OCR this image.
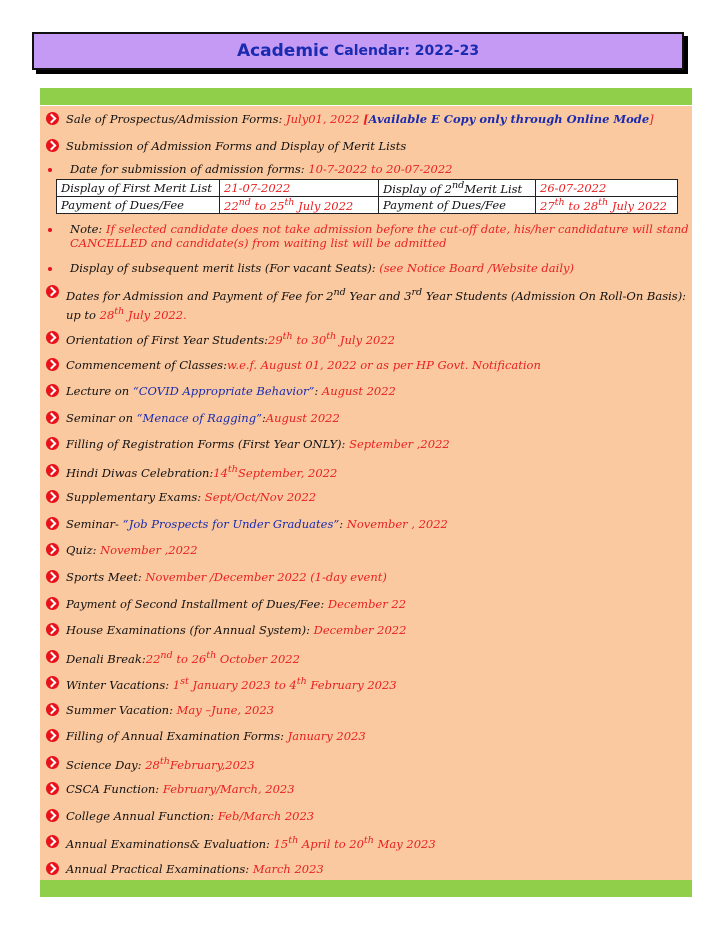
Academic Calendar: 2022-23
Sale of Prospectus/Admission Forms: July01, 2022 [Available E Copy only through Online Mode]
Submission of Admission Forms and Display of Merit Lists
Date for submission of admission forms: 10-7-2022 to 20-07-2022
Display of First Merit List	21-07-2022	Display of 2ndMerit List	26-07-2022
Payment of Dues/Fee	22nd to 25th July 2022	Payment of Dues/Fee	27th to 28th July 2022
Note: If selected candidate does not take admission before the cut-off date, his/her candidature will stand CANCELLED and candidate(s) from waiting list will be admitted
Display of subsequent merit lists (For vacant Seats): (see Notice Board /Website daily)
Dates for Admission and Payment of Fee for 2nd Year and 3rd Year Students (Admission On Roll-On Basis):
up to 28th July 2022.
Orientation of First Year Students:29th to 30th July 2022
Commencement of Classes:w.e.f. August 01, 2022 or as per HP Govt. Notification
Lecture on “COVID Appropriate Behavior”: August 2022
Seminar on “Menace of Ragging”:August 2022
Filling of Registration Forms (First Year ONLY): September ,2022
Hindi Diwas Celebration:14thSeptember, 2022
Supplementary Exams: Sept/Oct/Nov 2022
Seminar- “Job Prospects for Under Graduates”: November , 2022
Quiz: November ,2022
Sports Meet: November /December 2022 (1-day event)
Payment of Second Installment of Dues/Fee: December 22
House Examinations (for Annual System): December 2022
Denali Break:22nd to 26th October 2022
Winter Vacations: 1st January 2023 to 4th February 2023
Summer Vacation: May –June, 2023
Filling of Annual Examination Forms: January 2023
Science Day: 28thFebruary,2023
CSCA Function: February/March, 2023
College Annual Function: Feb/March 2023
Annual Examinations& Evaluation: 15th April to 20th May 2023
Annual Practical Examinations: March 2023
